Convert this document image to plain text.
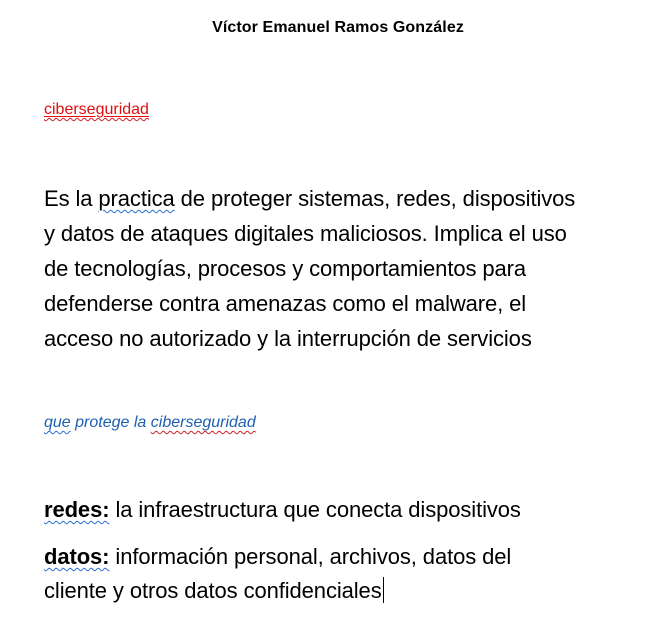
Víctor Emanuel Ramos González
ciberseguridad
Es la practica de proteger sistemas, redes, dispositivos
y datos de ataques digitales maliciosos. Implica el uso
de tecnologías, procesos y comportamientos para
defenderse contra amenazas como el malware, el
acceso no autorizado y la interrupción de servicios
que protege la ciberseguridad
redes: la infraestructura que conecta dispositivos
datos: información personal, archivos, datos del
cliente y otros datos confidenciales
